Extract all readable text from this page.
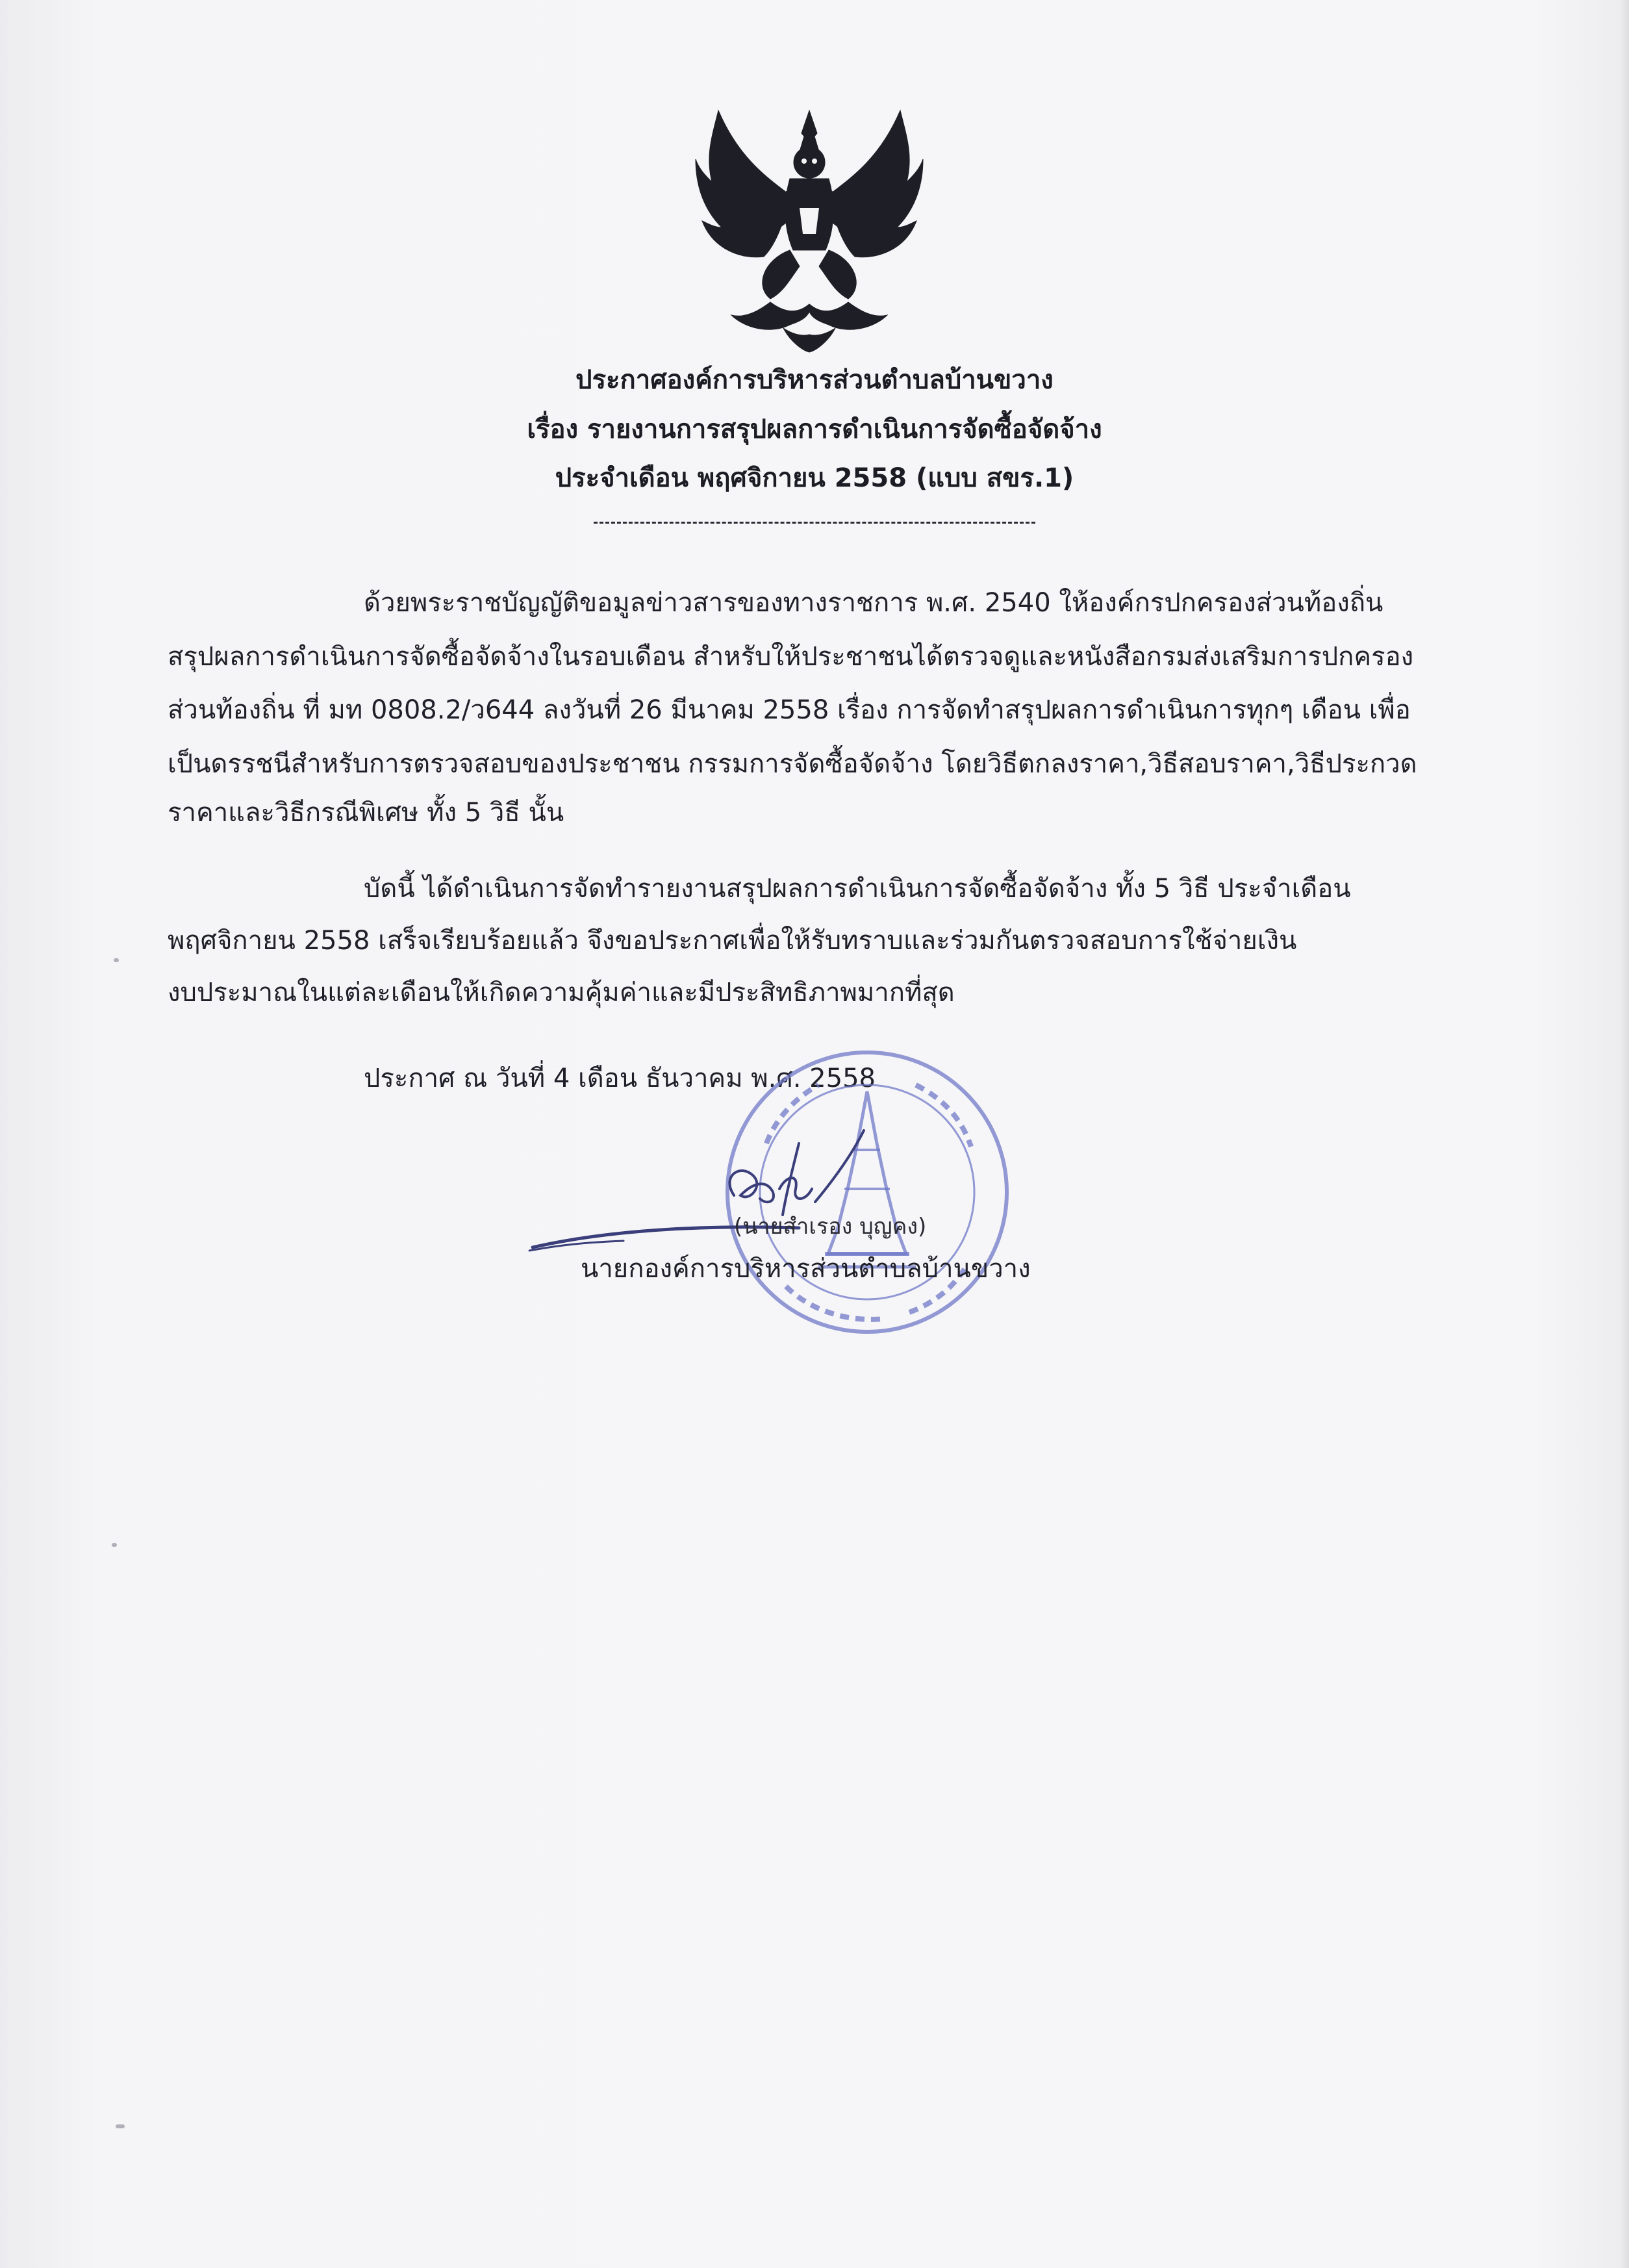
ประกาศองค์การบริหารส่วนตำบลบ้านขวาง
เรื่อง รายงานการสรุปผลการดำเนินการจัดซื้อจัดจ้าง
ประจำเดือน พฤศจิกายน 2558 (แบบ สขร.1)
ด้วยพระราชบัญญัติขอมูลข่าวสารของทางราชการ พ.ศ. 2540 ให้องค์กรปกครองส่วนท้องถิ่น
สรุปผลการดำเนินการจัดซื้อจัดจ้างในรอบเดือน สำหรับให้ประชาชนได้ตรวจดูและหนังสือกรมส่งเสริมการปกครอง
ส่วนท้องถิ่น ที่ มท 0808.2/ว644 ลงวันที่ 26 มีนาคม 2558 เรื่อง การจัดทำสรุปผลการดำเนินการทุกๆ เดือน เพื่อ
เป็นดรรชนีสำหรับการตรวจสอบของประชาชน กรรมการจัดซื้อจัดจ้าง โดยวิธีตกลงราคา,วิธีสอบราคา,วิธีประกวด
ราคาและวิธีกรณีพิเศษ ทั้ง 5 วิธี นั้น
บัดนี้ ได้ดำเนินการจัดทำรายงานสรุปผลการดำเนินการจัดซื้อจัดจ้าง ทั้ง 5 วิธี ประจำเดือน
พฤศจิกายน 2558 เสร็จเรียบร้อยแล้ว จึงขอประกาศเพื่อให้รับทราบและร่วมกันตรวจสอบการใช้จ่ายเงิน
งบประมาณในแต่ละเดือนให้เกิดความคุ้มค่าและมีประสิทธิภาพมากที่สุด
ประกาศ ณ วันที่ 4 เดือน ธันวาคม พ.ศ. 2558
(นายสำเรอง บุญคง)
นายกองค์การบริหารส่วนตำบลบ้านขวาง
